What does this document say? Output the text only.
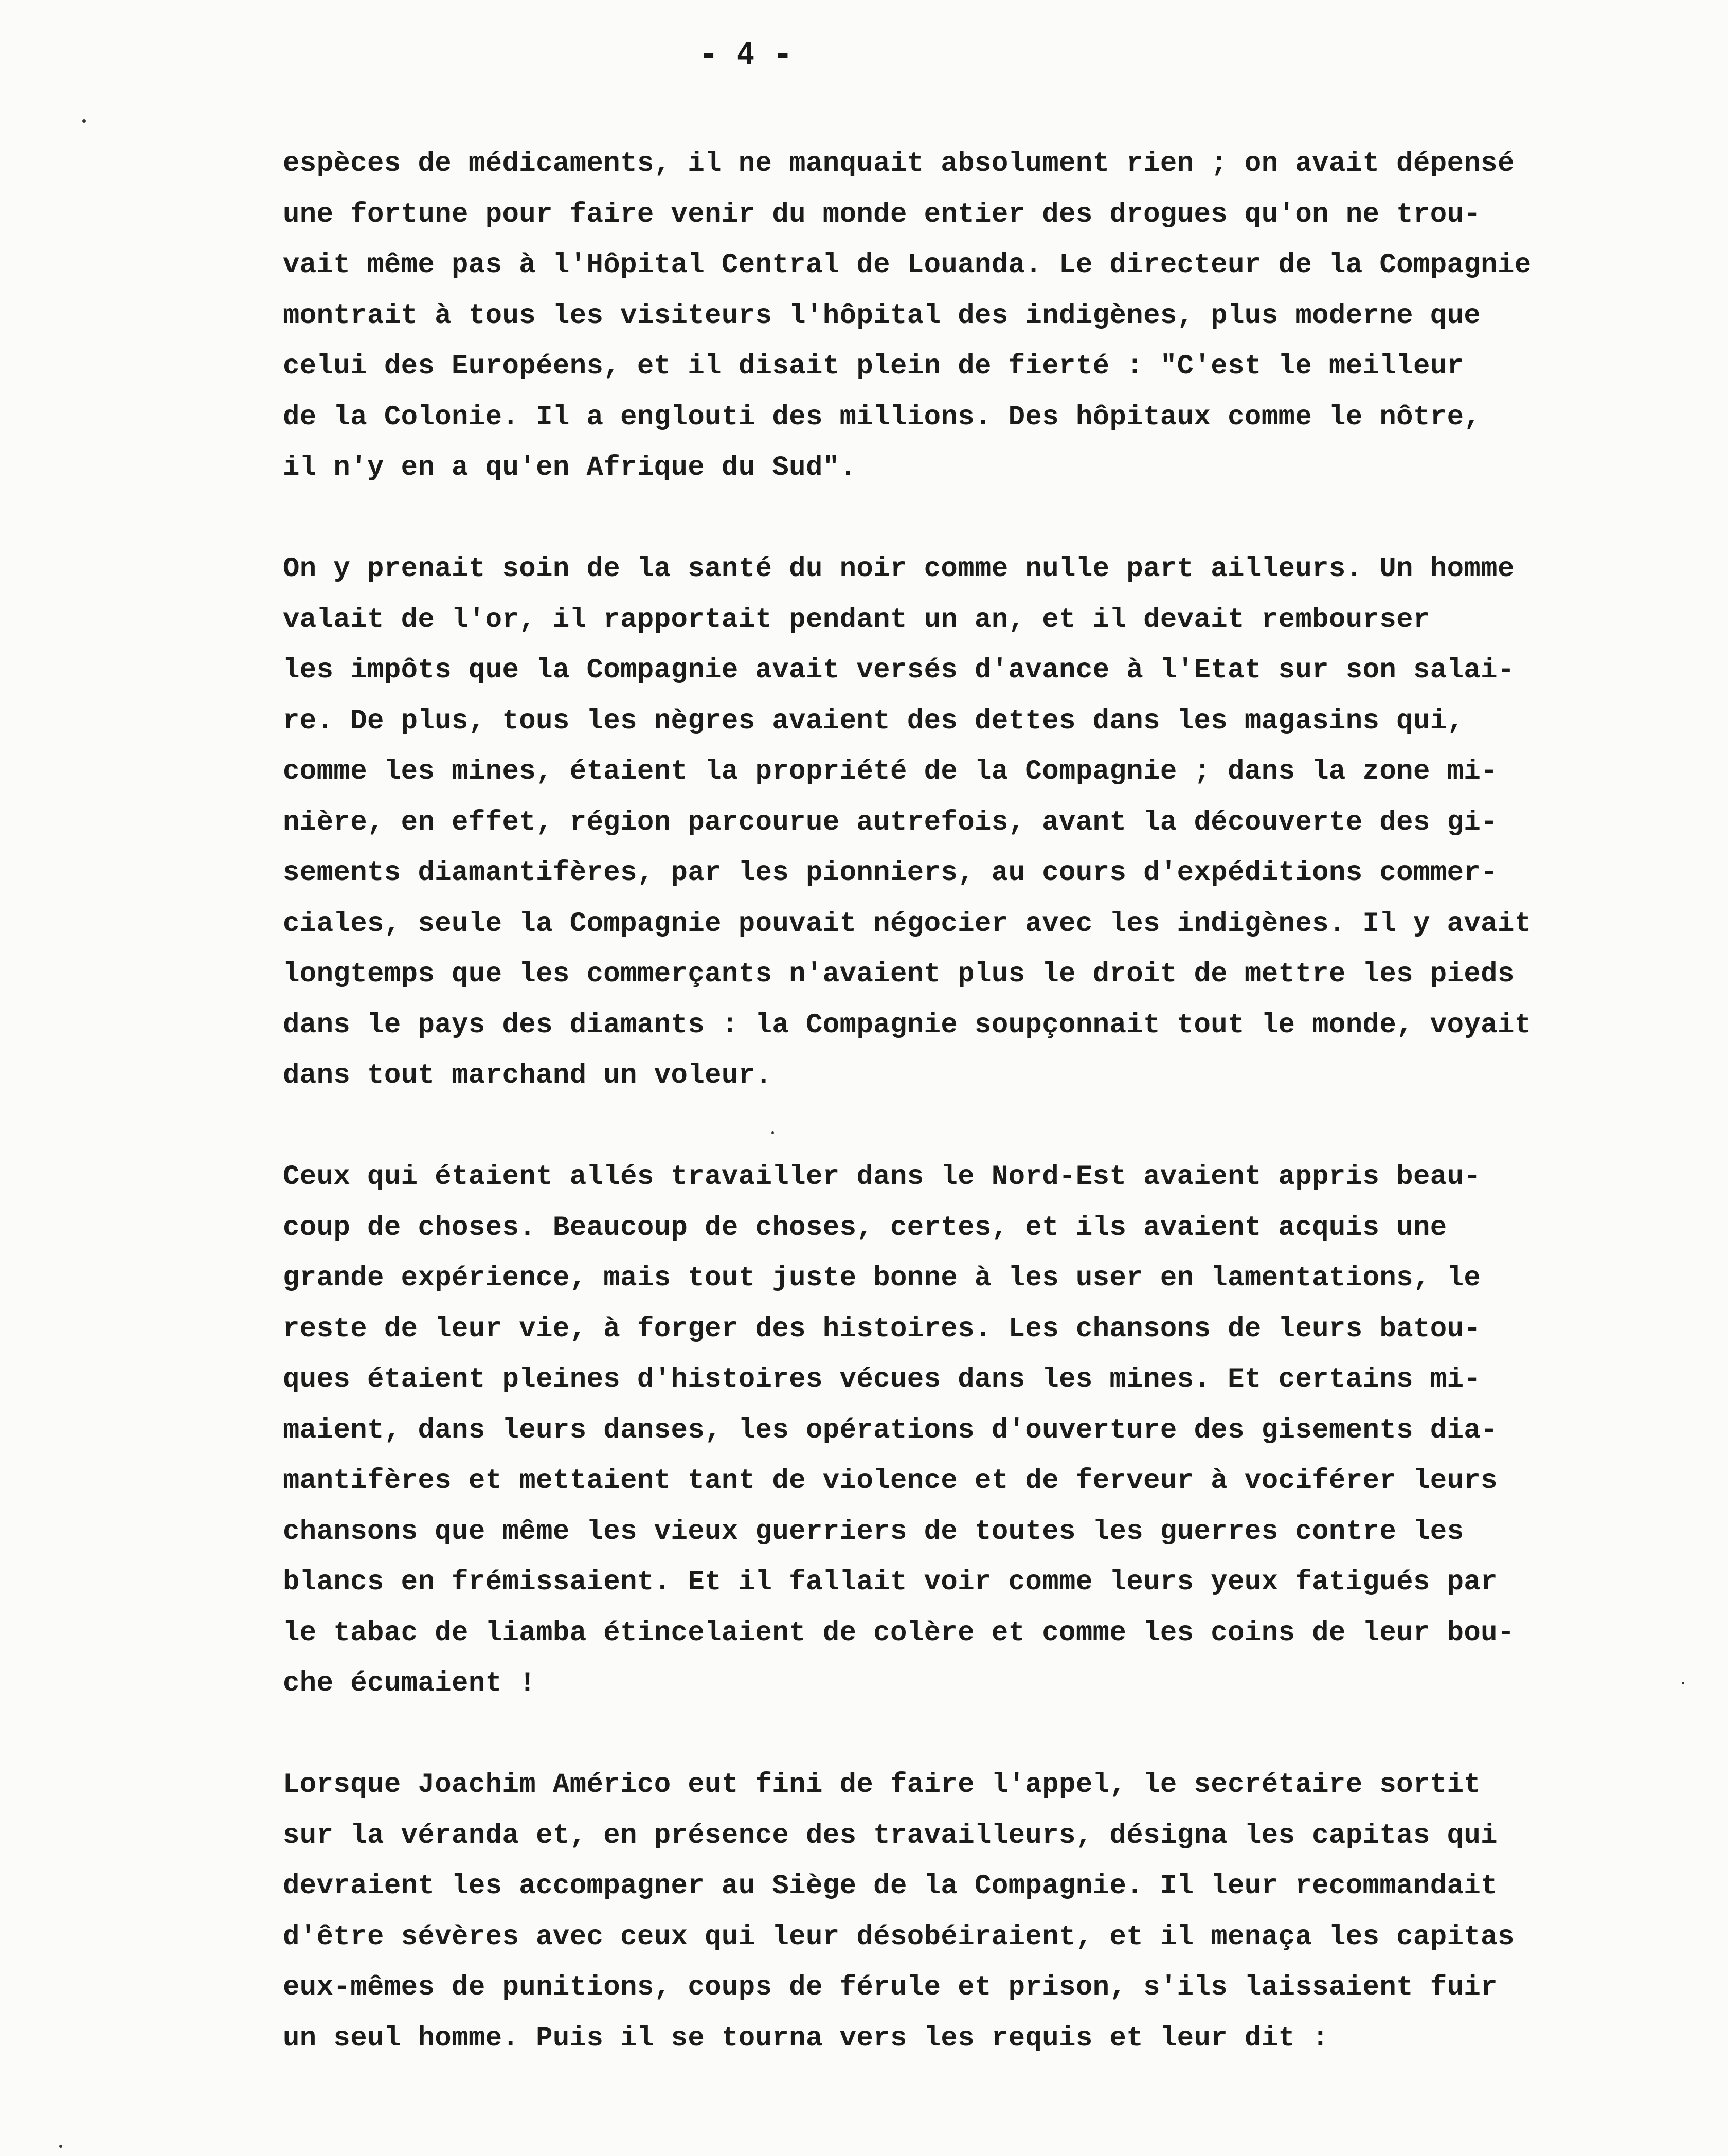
- 4 -
espèces de médicaments, il ne manquait absolument rien ; on avait dépensé
une fortune pour faire venir du monde entier des drogues qu'on ne trou-
vait même pas à l'Hôpital Central de Louanda. Le directeur de la Compagnie
montrait à tous les visiteurs l'hôpital des indigènes, plus moderne que
celui des Européens, et il disait plein de fierté : "C'est le meilleur
de la Colonie. Il a englouti des millions. Des hôpitaux comme le nôtre,
il n'y en a qu'en Afrique du Sud".
On y prenait soin de la santé du noir comme nulle part ailleurs. Un homme
valait de l'or, il rapportait pendant un an, et il devait rembourser
les impôts que la Compagnie avait versés d'avance à l'Etat sur son salai-
re. De plus, tous les nègres avaient des dettes dans les magasins qui,
comme les mines, étaient la propriété de la Compagnie ; dans la zone mi-
nière, en effet, région parcourue autrefois, avant la découverte des gi-
sements diamantifères, par les pionniers, au cours d'expéditions commer-
ciales, seule la Compagnie pouvait négocier avec les indigènes. Il y avait
longtemps que les commerçants n'avaient plus le droit de mettre les pieds
dans le pays des diamants : la Compagnie soupçonnait tout le monde, voyait
dans tout marchand un voleur.
Ceux qui étaient allés travailler dans le Nord-Est avaient appris beau-
coup de choses. Beaucoup de choses, certes, et ils avaient acquis une
grande expérience, mais tout juste bonne à les user en lamentations, le
reste de leur vie, à forger des histoires. Les chansons de leurs batou-
ques étaient pleines d'histoires vécues dans les mines. Et certains mi-
maient, dans leurs danses, les opérations d'ouverture des gisements dia-
mantifères et mettaient tant de violence et de ferveur à vociférer leurs
chansons que même les vieux guerriers de toutes les guerres contre les
blancs en frémissaient. Et il fallait voir comme leurs yeux fatigués par
le tabac de liamba étincelaient de colère et comme les coins de leur bou-
che écumaient !
Lorsque Joachim Américo eut fini de faire l'appel, le secrétaire sortit
sur la véranda et, en présence des travailleurs, désigna les capitas qui
devraient les accompagner au Siège de la Compagnie. Il leur recommandait
d'être sévères avec ceux qui leur désobéiraient, et il menaça les capitas
eux-mêmes de punitions, coups de férule et prison, s'ils laissaient fuir
un seul homme. Puis il se tourna vers les requis et leur dit :
